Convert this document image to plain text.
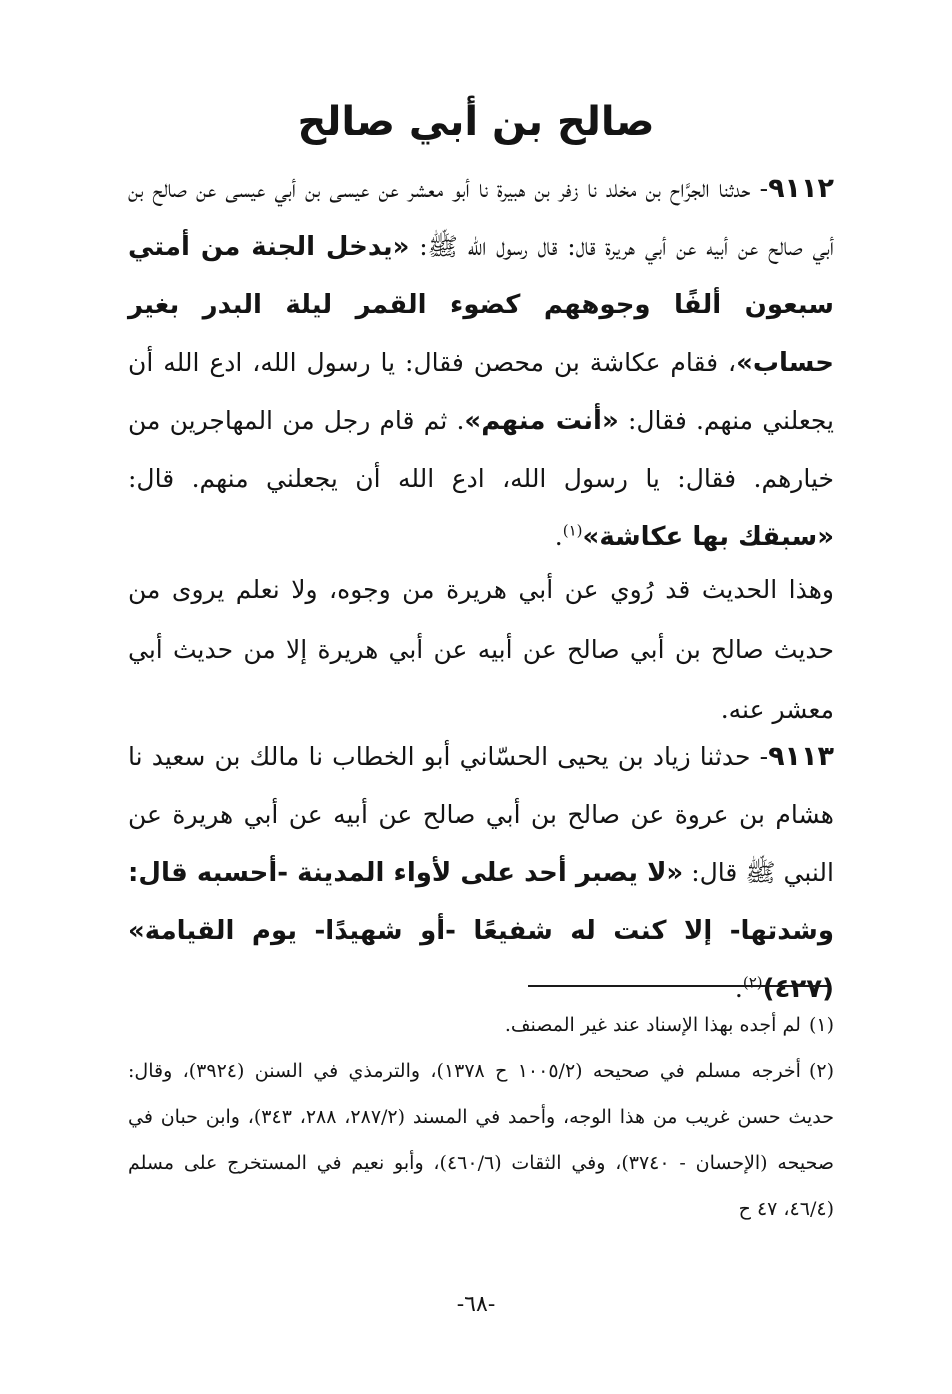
صالح بن أبي صالح

٩١١٢- حدثنا الجرَّاح بن مخلد نا زفر بن هبيرة نا أبو معشر عن عيسى بن أبي عيسى عن صالح بن أبي صالح عن أبيه عن أبي هريرة قال: قال رسول الله ﷺ: «يدخل الجنة من أمتي سبعون ألفًا وجوههم كضوء القمر ليلة البدر بغير حساب»، فقام عكاشة بن محصن فقال: يا رسول الله، ادع الله أن يجعلني منهم. فقال: «أنت منهم». ثم قام رجل من المهاجرين من خيارهم. فقال: يا رسول الله، ادع الله أن يجعلني منهم. قال: «سبقك بها عكاشة»$^{(١)}$.

وهذا الحديث قد رُوي عن أبي هريرة من وجوه، ولا نعلم يروى من حديث صالح بن أبي صالح عن أبيه عن أبي هريرة إلا من حديث أبي معشر عنه.

٩١١٣- حدثنا زياد بن يحيى الحسّاني أبو الخطاب نا مالك بن سعيد نا هشام بن عروة عن صالح بن أبي صالح عن أبيه عن أبي هريرة عن النبي ﷺ قال: «لا يصبر أحد على لأواء المدينة -أحسبه قال: وشدتها- إلا كنت له شفيعًا -أو شهيدًا- يوم القيامة» (٤٢٧)$^{(٢)}$.

(١)لم أجده بهذا الإسناد عند غير المصنف.

(٢)أخرجه مسلم في صحيحه (١٠٠٥/٢ ح ١٣٧٨)، والترمذي في السنن (٣٩٢٤)، وقال: حديث حسن غريب من هذا الوجه، وأحمد في المسند (٢٨٧/٢، ٢٨٨، ٣٤٣)، وابن حبان في صحيحه (الإحسان - ٣٧٤٠)، وفي الثقات (٤٦٠/٦)، وأبو نعيم في المستخرج على مسلم (٤٦/٤، ٤٧ ح

-٦٨-
